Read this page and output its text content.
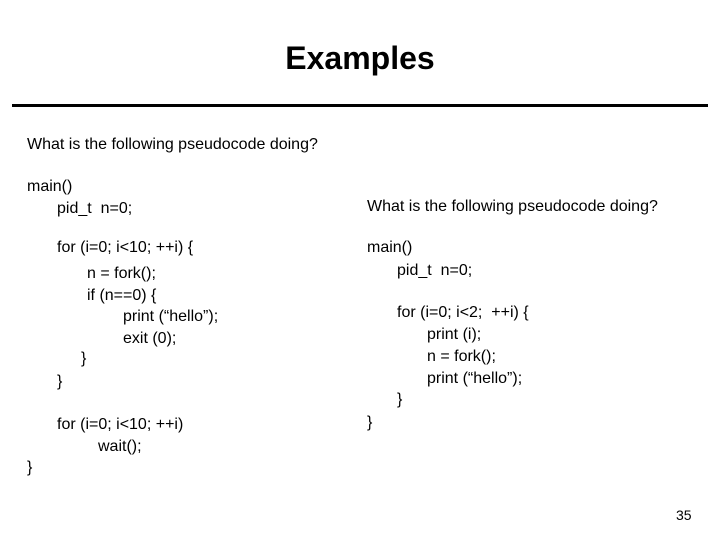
Examples
What is the following pseudocode doing?
main()
pid_t  n=0;
for (i=0; i<10; ++i) {
n = fork();
if (n==0) {
print (“hello”);
exit (0);
}
}
for (i=0; i<10; ++i)
wait();
}
What is the following pseudocode doing?
main()
pid_t  n=0;
for (i=0; i<2;  ++i) {
print (i);
n = fork();
print (“hello”);
}
}
35
